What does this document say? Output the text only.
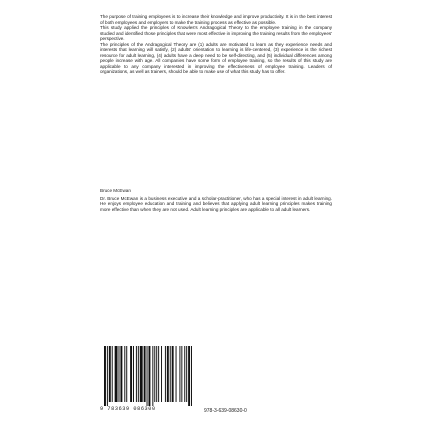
The purpose of training employees is to increase their knowledge and improve productivity. It is in the best interest of both employees and employers to make the training process as effective as possible.

This study applied the principles of Knowles's Andragogical Theory to the employee training in the company studied and identified those principles that were most effective in improving the training results from the employees' perspective.

The principles of the Andragogical Theory are (1) adults are motivated to learn as they experience needs and interests that learning will satisfy, (2) adults' orientation to learning is life-centered, (3) experience is the richest resource for adult learning, (4) adults have a deep need to be self-directing, and (5) individual differences among people increase with age. All companies have some form of employee training, so the results of this study are applicable to any company interested in improving the effectiveness of employee training. Leaders of organizations, as well as trainers, should be able to make use of what this study has to offer.

Bruce McEwan

Dr. Bruce McEwan is a business executive and a scholar-practitioner, who has a special interest in adult learning. He enjoys employee education and training and believes that applying adult learning principles makes training more effective than when they are not used. Adult learning principles are applicable to all adult learners.

9 783639 086300	978-3-639-08630-0
